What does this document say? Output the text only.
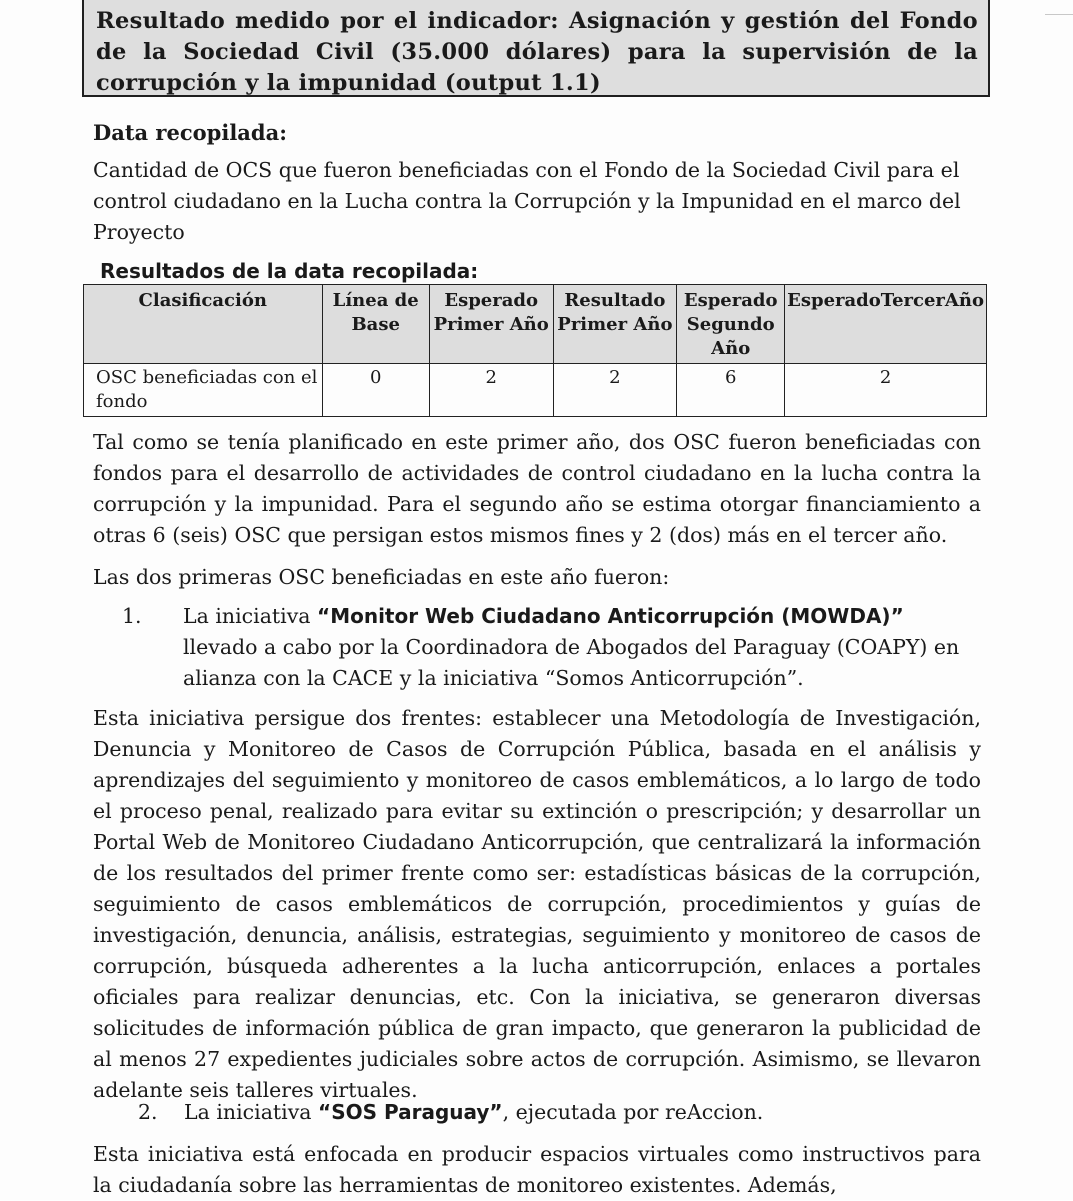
Resultado medido por el indicador: Asignación y gestión del Fondo de la Sociedad Civil (35.000 dólares) para la supervisión de la corrupción y la impunidad (output 1.1)
Data recopilada:
Cantidad de OCS que fueron beneficiadas con el Fondo de la Sociedad Civil para el control ciudadano en la Lucha contra la Corrupción y la Impunidad en el marco del Proyecto
Resultados de la data recopilada:
Clasificación	Línea de Base	Esperado Primer Año	Resultado Primer Año	Esperado Segundo Año	EsperadoTercerAño
OSC beneficiadas con el fondo	0	2	2	6	2
Tal como se tenía planificado en este primer año, dos OSC fueron beneficiadas con fondos para el desarrollo de actividades de control ciudadano en la lucha contra la corrupción y la impunidad. Para el segundo año se estima otorgar financiamiento a otras 6 (seis) OSC que persigan estos mismos fines y 2 (dos) más en el tercer año.
Las dos primeras OSC beneficiadas en este año fueron:
1. La iniciativa “Monitor Web Ciudadano Anticorrupción (MOWDA)” llevado a cabo por la Coordinadora de Abogados del Paraguay (COAPY) en alianza con la CACE y la iniciativa “Somos Anticorrupción”.
Esta iniciativa persigue dos frentes: establecer una Metodología de Investigación, Denuncia y Monitoreo de Casos de Corrupción Pública, basada en el análisis y aprendizajes del seguimiento y monitoreo de casos emblemáticos, a lo largo de todo el proceso penal, realizado para evitar su extinción o prescripción; y desarrollar un Portal Web de Monitoreo Ciudadano Anticorrupción, que centralizará la información de los resultados del primer frente como ser: estadísticas básicas de la corrupción, seguimiento de casos emblemáticos de corrupción, procedimientos y guías de investigación, denuncia, análisis, estrategias, seguimiento y monitoreo de casos de corrupción, búsqueda adherentes a la lucha anticorrupción, enlaces a portales oficiales para realizar denuncias, etc. Con la iniciativa, se generaron diversas solicitudes de información pública de gran impacto, que generaron la publicidad de al menos 27 expedientes judiciales sobre actos de corrupción. Asimismo, se llevaron adelante seis talleres virtuales.
2. La iniciativa “SOS Paraguay”, ejecutada por reAccion.
Esta iniciativa está enfocada en producir espacios virtuales como instructivos para la ciudadanía sobre las herramientas de monitoreo existentes. Además,
